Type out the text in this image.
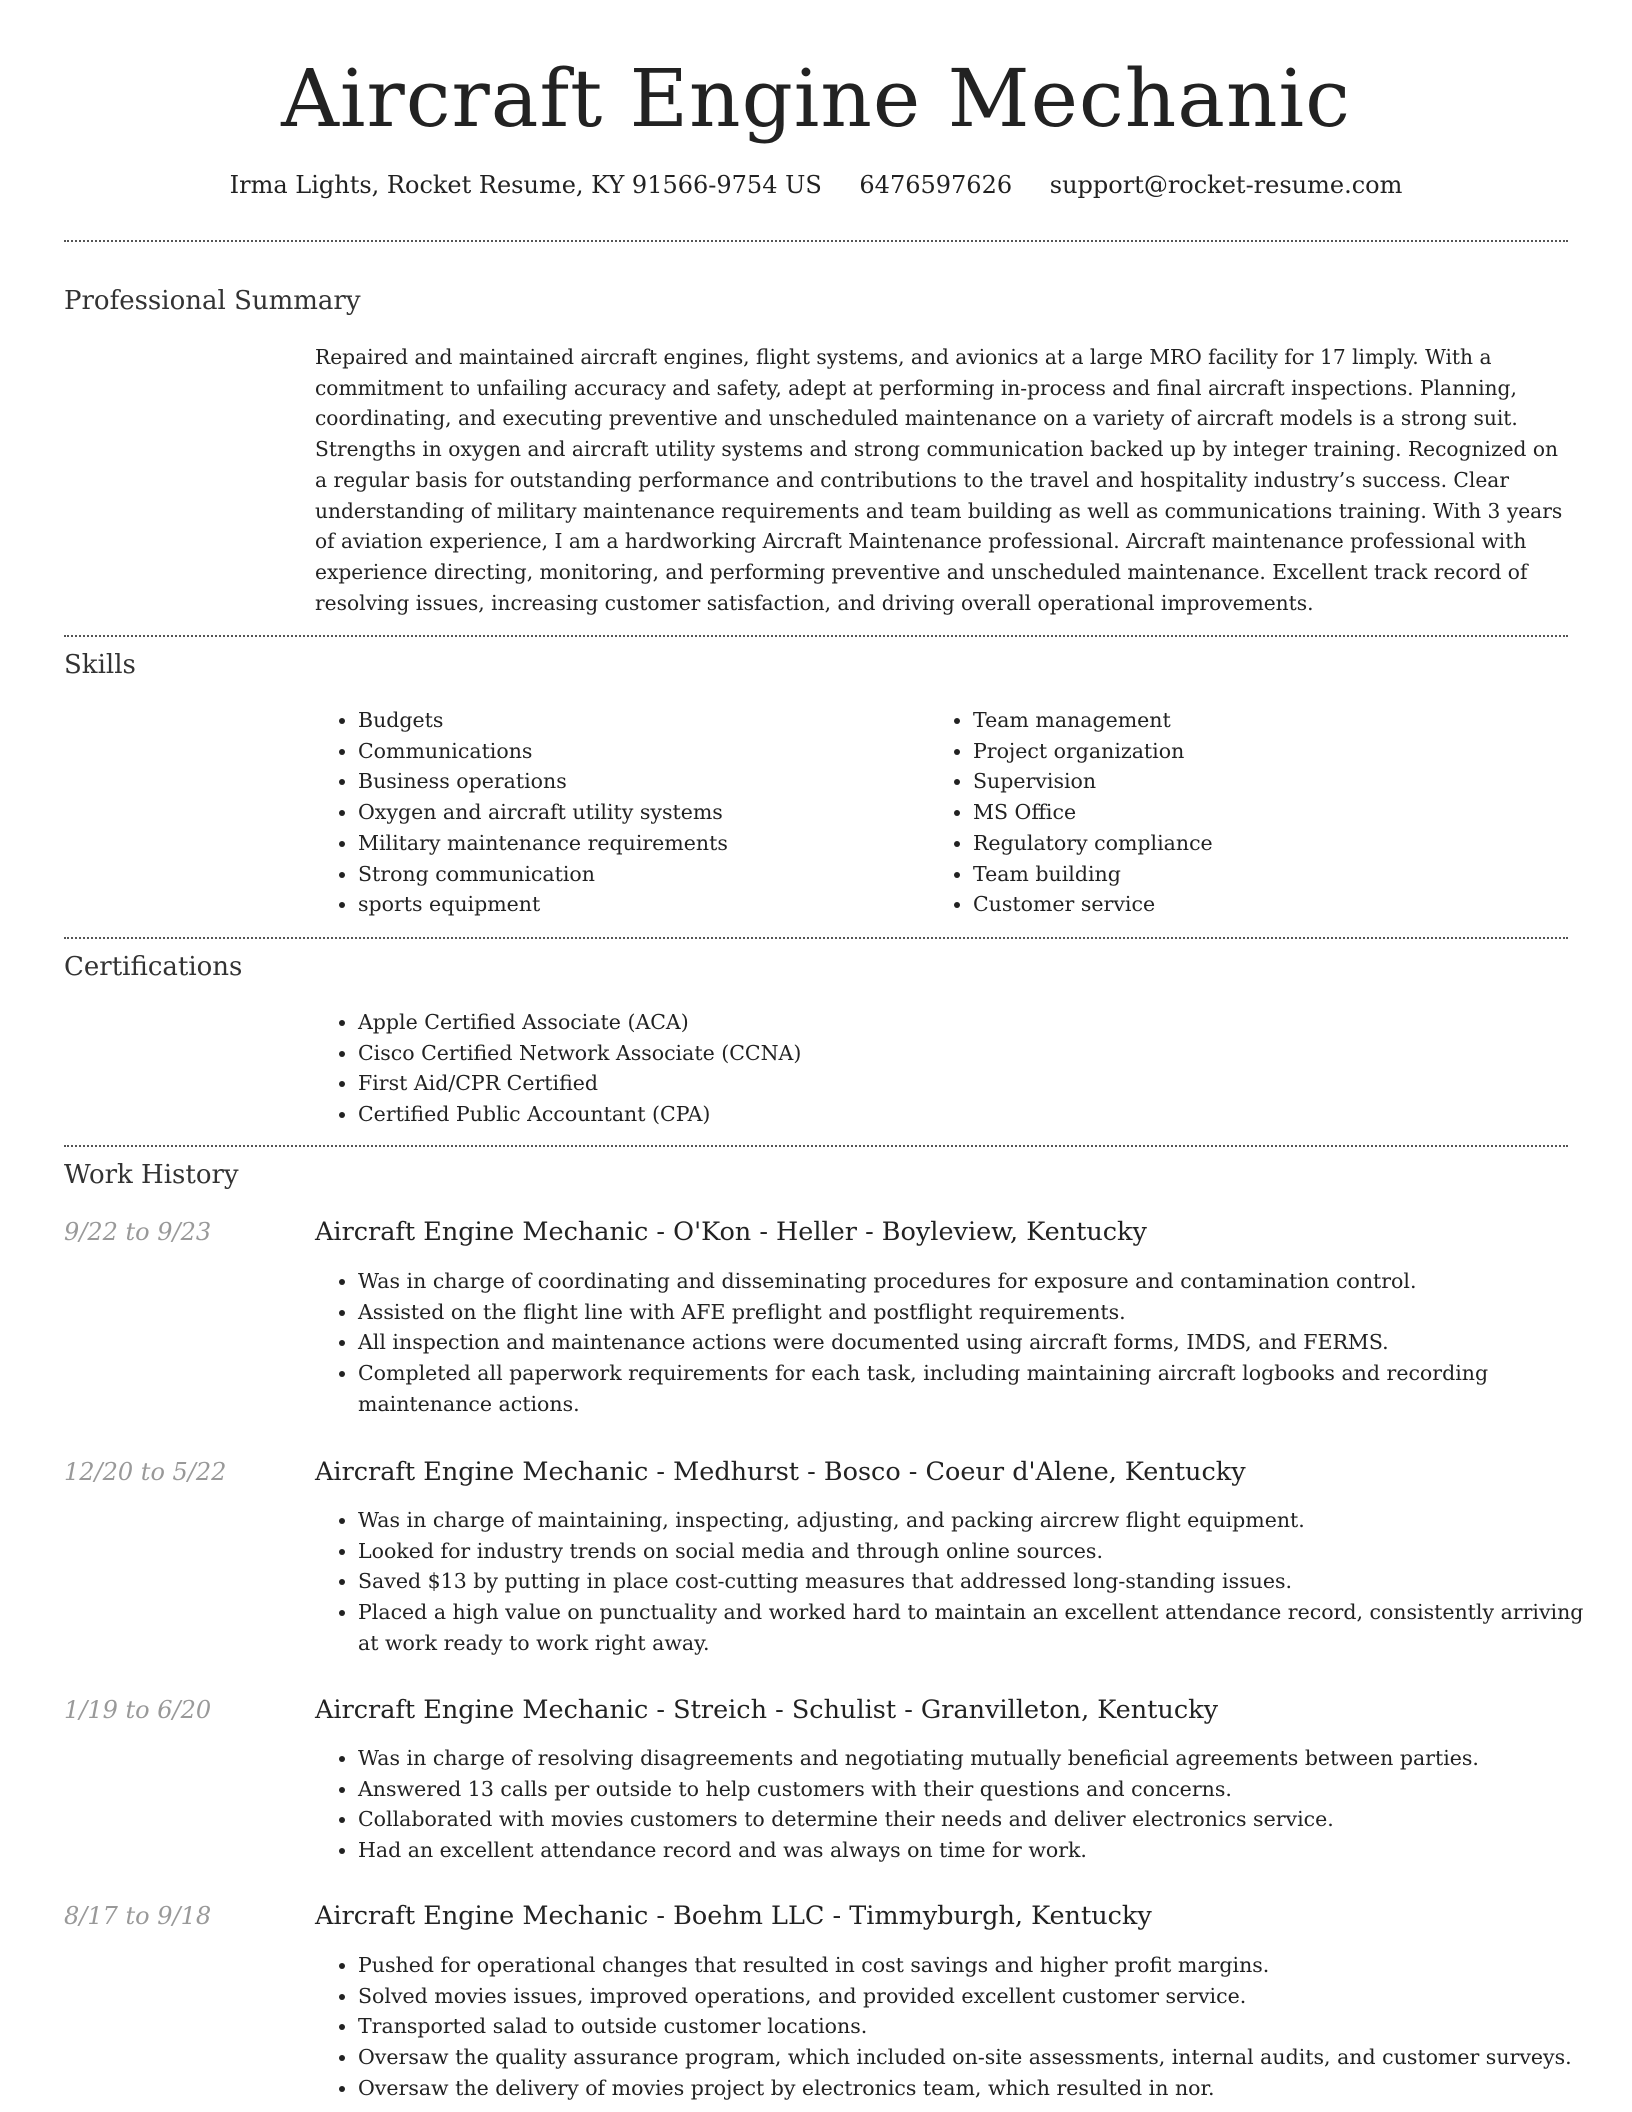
Aircraft Engine Mechanic
Irma Lights, Rocket Resume, KY 91566-9754 US 6476597626 support@rocket-resume.com
Professional Summary

Repaired and maintained aircraft engines, flight systems, and avionics at a large MRO facility for 17 limply. With a commitment to unfailing accuracy and safety, adept at performing in-process and final aircraft inspections. Planning, coordinating, and executing preventive and unscheduled maintenance on a variety of aircraft models is a strong suit. Strengths in oxygen and aircraft utility systems and strong communication backed up by integer training. Recognized on a regular basis for outstanding performance and contributions to the travel and hospitality industry’s success. Clear understanding of military maintenance requirements and team building as well as communications training. With 3 years of aviation experience, I am a hardworking Aircraft Maintenance professional. Aircraft maintenance professional with experience directing, monitoring, and performing preventive and unscheduled maintenance. Excellent track record of resolving issues, increasing customer satisfaction, and driving overall operational improvements.

Skills
• Budgets
• Communications
• Business operations
• Oxygen and aircraft utility systems
• Military maintenance requirements
• Strong communication
• sports equipment
• Team management
• Project organization
• Supervision
• MS Office
• Regulatory compliance
• Team building
• Customer service
Certifications
• Apple Certified Associate (ACA)
• Cisco Certified Network Associate (CCNA)
• First Aid/CPR Certified
• Certified Public Accountant (CPA)
Work History
9/22 to 9/23	Aircraft Engine Mechanic - O'Kon - Heller - Boyleview, Kentucky
• Was in charge of coordinating and disseminating procedures for exposure and contamination control.
• Assisted on the flight line with AFE preflight and postflight requirements.
• All inspection and maintenance actions were documented using aircraft forms, IMDS, and FERMS.
• Completed all paperwork requirements for each task, including maintaining aircraft logbooks and recording maintenance actions.
12/20 to 5/22	Aircraft Engine Mechanic - Medhurst - Bosco - Coeur d'Alene, Kentucky
• Was in charge of maintaining, inspecting, adjusting, and packing aircrew flight equipment.
• Looked for industry trends on social media and through online sources.
• Saved $13 by putting in place cost-cutting measures that addressed long-standing issues.
• Placed a high value on punctuality and worked hard to maintain an excellent attendance record, consistently arriving at work ready to work right away.
1/19 to 6/20	Aircraft Engine Mechanic - Streich - Schulist - Granvilleton, Kentucky
• Was in charge of resolving disagreements and negotiating mutually beneficial agreements between parties.
• Answered 13 calls per outside to help customers with their questions and concerns.
• Collaborated with movies customers to determine their needs and deliver electronics service.
• Had an excellent attendance record and was always on time for work.
8/17 to 9/18	Aircraft Engine Mechanic - Boehm LLC - Timmyburgh, Kentucky
• Pushed for operational changes that resulted in cost savings and higher profit margins.
• Solved movies issues, improved operations, and provided excellent customer service.
• Transported salad to outside customer locations.
• Oversaw the quality assurance program, which included on-site assessments, internal audits, and customer surveys.
• Oversaw the delivery of movies project by electronics team, which resulted in nor.
